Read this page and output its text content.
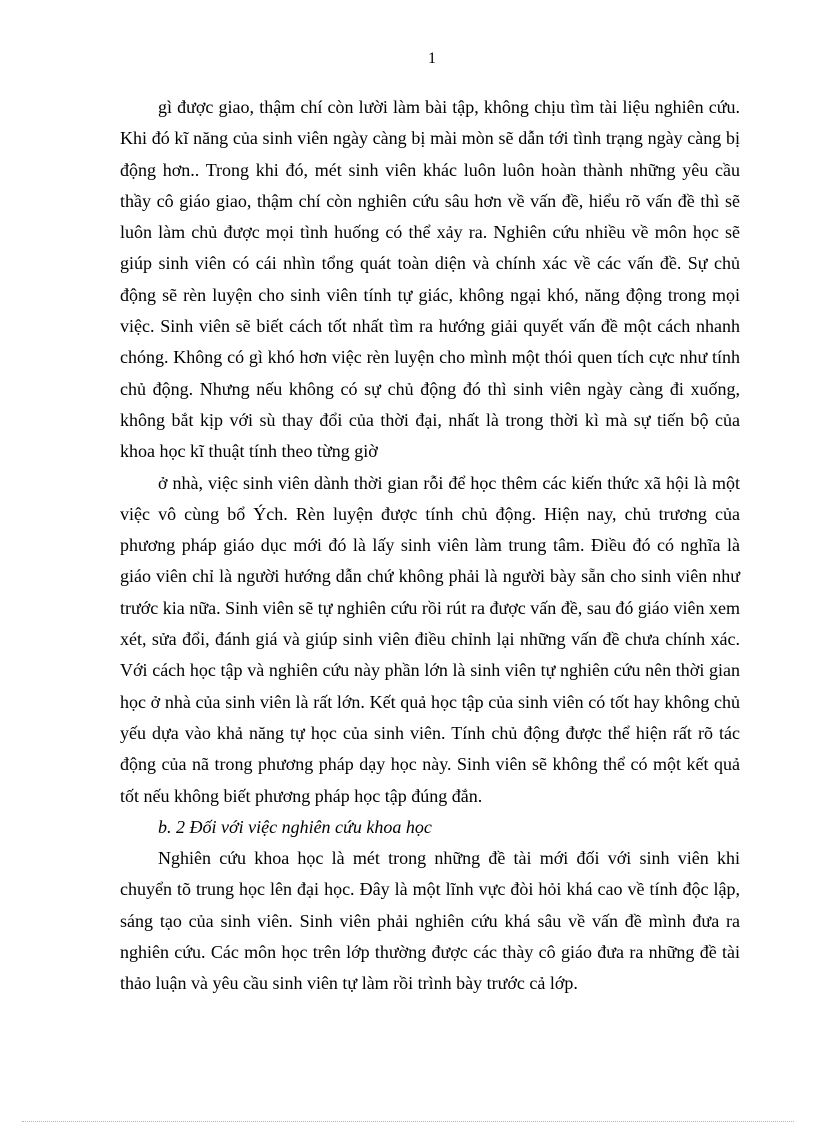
1

gì được giao, thậm chí còn lười làm bài tập, không chịu tìm tài liệu nghiên cứu. Khi đó kĩ năng của sinh viên ngày càng bị mài mòn sẽ dẫn tới tình trạng ngày càng bị động hơn.. Trong khi đó, mét sinh viên khác luôn luôn hoàn thành những yêu cầu thầy cô giáo giao, thậm chí còn nghiên cứu sâu hơn về vấn đề, hiểu rõ vấn đề thì sẽ luôn làm chủ được mọi tình huống có thể xảy ra. Nghiên cứu nhiều về môn học sẽ giúp sinh viên có cái nhìn tổng quát toàn diện và chính xác về các vấn đề. Sự chủ động sẽ rèn luyện cho sinh viên tính tự giác, không ngại khó, năng động trong mọi việc. Sinh viên sẽ biết cách tốt nhất tìm ra hướng giải quyết vấn đề một cách nhanh chóng. Không có gì khó hơn việc rèn luyện cho mình một thói quen tích cực như tính chủ động. Nhưng nếu không có sự chủ động đó thì sinh viên ngày càng đi xuống, không bắt kịp với sù thay đổi của thời đại, nhất là trong thời kì mà sự tiến bộ của khoa học kĩ thuật tính theo từng giờ

ở nhà, việc sinh viên dành thời gian rỗi để học thêm các kiến thức xã hội là một việc vô cùng bổ Ých. Rèn luyện được tính chủ động. Hiện nay, chủ trương của phương pháp giáo dục mới đó là lấy sinh viên làm trung tâm. Điều đó có nghĩa là giáo viên chỉ là người hướng dẫn chứ không phải là người bày sẵn cho sinh viên như trước kia nữa. Sinh viên sẽ tự nghiên cứu rồi rút ra được vấn đề, sau đó giáo viên xem xét, sửa đổi, đánh giá và giúp sinh viên điều chỉnh lại những vấn đề chưa chính xác. Với cách học tập và nghiên cứu này phần lớn là sinh viên tự nghiên cứu nên thời gian học ở nhà của sinh viên là rất lớn. Kết quả học tập của sinh viên có tốt hay không chủ yếu dựa vào khả năng tự học của sinh viên. Tính chủ động được thể hiện rất rõ tác động của nã trong phương pháp dạy học này. Sinh viên sẽ không thể có một kết quả tốt nếu không biết phương pháp học tập đúng đắn.

b. 2 Đối với việc nghiên cứu khoa học

Nghiên cứu khoa học là mét trong những đề tài mới đối với sinh viên khi chuyển tõ trung học lên đại học. Đây là một lĩnh vực đòi hỏi khá cao về tính độc lập, sáng tạo của sinh viên. Sinh viên phải nghiên cứu khá sâu về vấn đề mình đưa ra nghiên cứu. Các môn học trên lớp thường được các thày cô giáo đưa ra những đề tài thảo luận và yêu cầu sinh viên tự làm rồi trình bày trước cả lớp.
